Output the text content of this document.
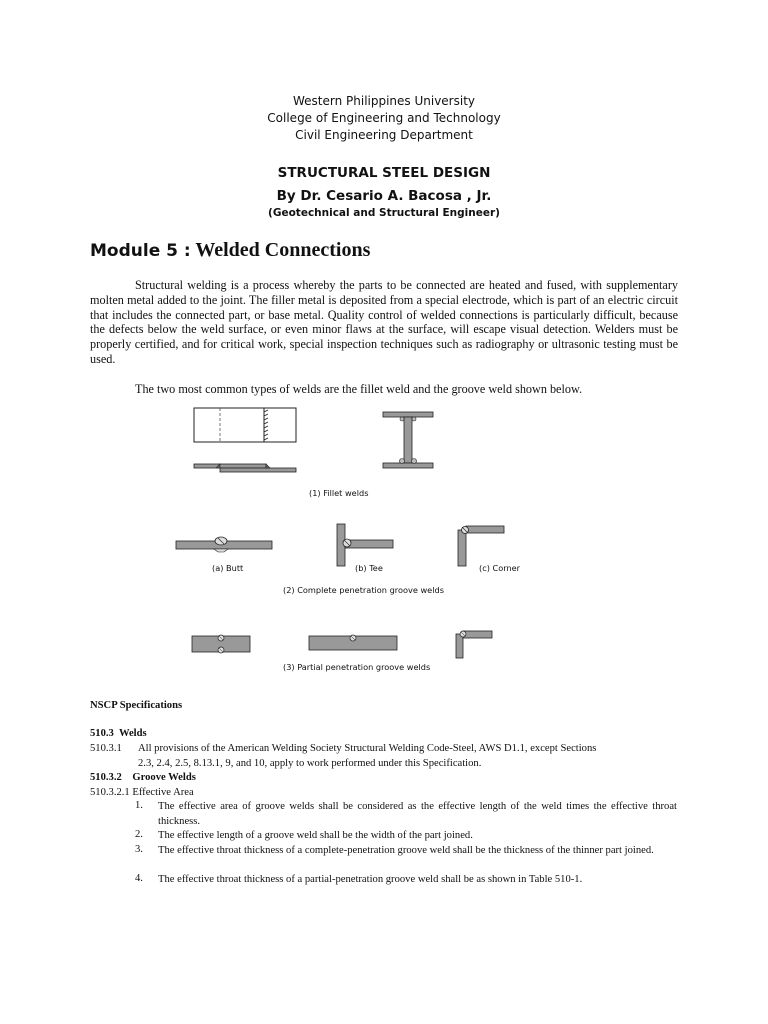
Western Philippines University
College of Engineering and Technology
Civil Engineering Department
STRUCTURAL STEEL DESIGN
By Dr. Cesario A. Bacosa , Jr.
(Geotechnical and Structural Engineer)
Module 5 : Welded Connections

Structural welding is a process whereby the parts to be connected are heated and fused, with supplementary molten metal added to the joint. The filler metal is deposited from a special electrode, which is part of an electric circuit that includes the connected part, or base metal. Quality control of welded connections is particularly difficult, because the defects below the weld surface, or even minor flaws at the surface, will escape visual detection. Welders must be properly certified, and for critical work, special inspection techniques such as radiography or ultrasonic testing must be used.

The two most common types of welds are the fillet weld and the groove weld shown below.

(1) Fillet welds
(a) Butt	(b) Tee	(c) Corner
(2) Complete penetration groove welds
(3) Partial penetration groove welds
NSCP Specifications
510.3 Welds
510.3.1 All provisions of the American Welding Society Structural Welding Code-Steel, AWS D1.1, except Sections
2.3, 2.4, 2.5, 8.13.1, 9, and 10, apply to work performed under this Specification.
510.3.2 Groove Welds
510.3.2.1 Effective Area
1. The effective area of groove welds shall be considered as the effective length of the weld times the effective throat thickness.
2. The effective length of a groove weld shall be the width of the part joined.
3. The effective throat thickness of a complete-penetration groove weld shall be the thickness of the thinner part joined.
4. The effective throat thickness of a partial-penetration groove weld shall be as shown in Table 510-1.
